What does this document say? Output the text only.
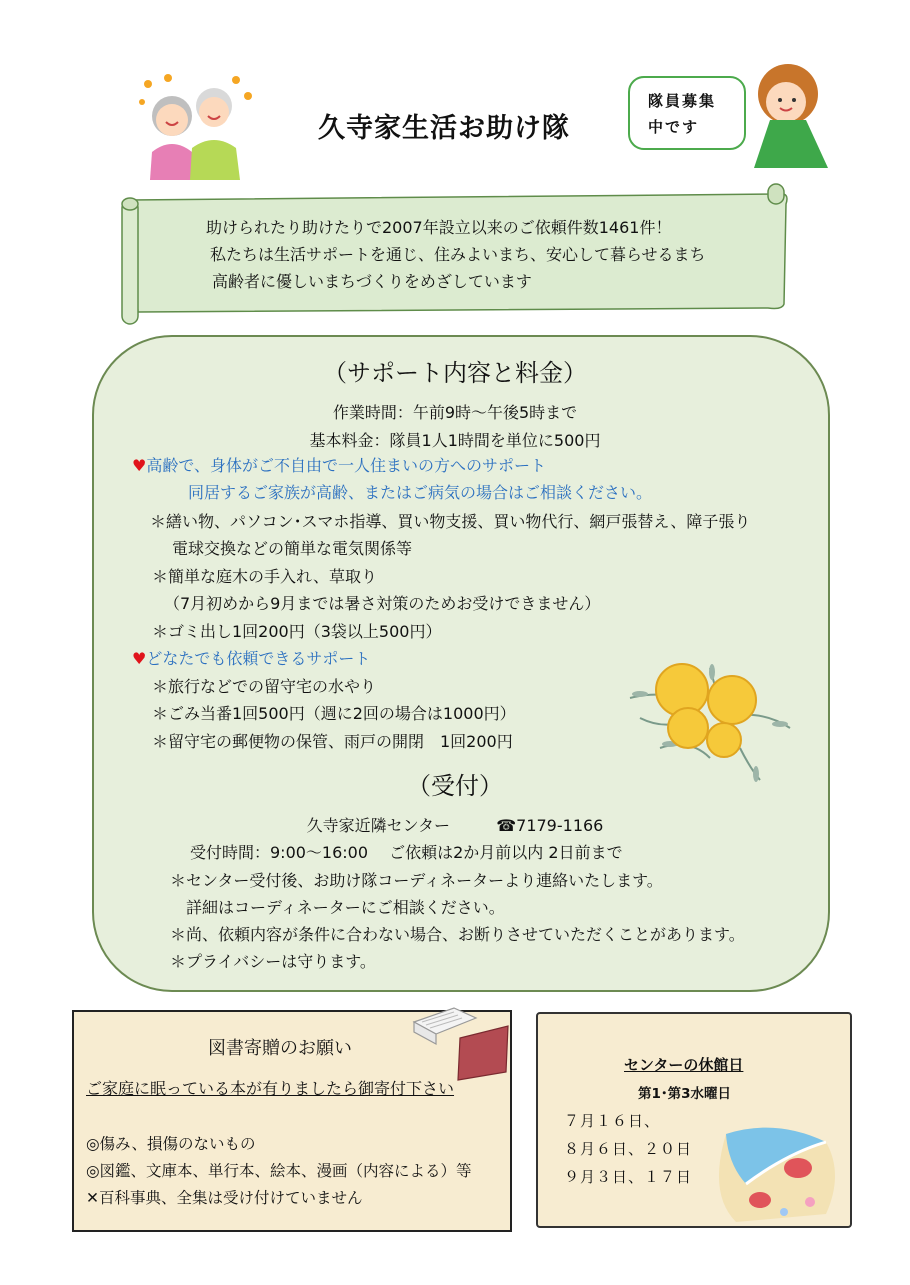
久寺家生活お助け隊
隊員募集
中です
助けられたり助けたりで2007年設立以来のご依頼件数1461件！
私たちは生活サポートを通じ、住みよいまち、安心して暮らせるまち
高齢者に優しいまちづくりをめざしています
（サポート内容と料金）
作業時間：午前9時～午後5時まで
基本料金：隊員1人1時間を単位に500円
♥高齢で、身体がご不自由で一人住まいの方へのサポート
同居するご家族が高齢、またはご病気の場合はご相談ください。
＊繕い物、パソコン･スマホ指導、買い物支援、買い物代行、網戸張替え、障子張り
電球交換などの簡単な電気関係等
＊簡単な庭木の手入れ、草取り
（7月初めから9月までは暑さ対策のためお受けできません）
＊ゴミ出し1回200円（3袋以上500円）
♥どなたでも依頼できるサポート
＊旅行などでの留守宅の水やり
＊ごみ当番1回500円（週に2回の場合は1000円）
＊留守宅の郵便物の保管、雨戸の開閉　1回200円
（受付）
久寺家近隣センター	☎7179-1166
受付時間：9:00～16:00　 ご依頼は2か月前以内 2日前まで
＊センター受付後、お助け隊コーディネーターより連絡いたします。
詳細はコーディネーターにご相談ください。
＊尚、依頼内容が条件に合わない場合、お断りさせていただくことがあります。
＊プライバシーは守ります。
図書寄贈のお願い
ご家庭に眠っている本が有りましたら御寄付下さい
◎傷み、損傷のないもの
◎図鑑、文庫本、単行本、絵本、漫画（内容による）等
✕百科事典、全集は受け付けていません
センターの休館日
第1･第3水曜日
７月１６日、
８月６日、２０日
９月３日、１７日
